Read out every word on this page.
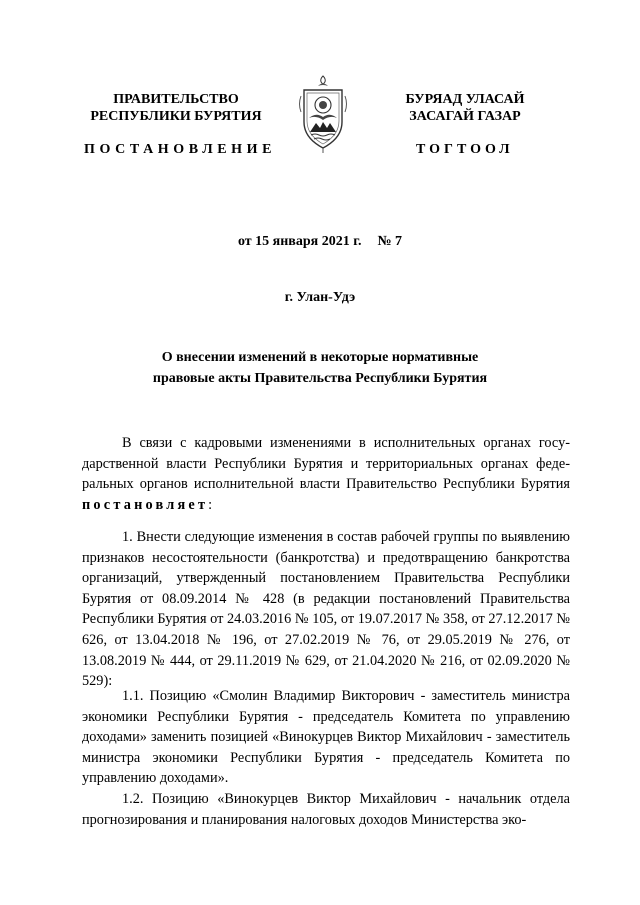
ПРАВИТЕЛЬСТВО
РЕСПУБЛИКИ БУРЯТИЯ
БУРЯАД УЛАСАЙ
ЗАСАГАЙ ГАЗАР
ПОСТАНОВЛЕНИЕ	ТОГТООЛ
от 15 января 2021 г. № 7
г. Улан-Удэ
О внесении изменений в некоторые нормативные
правовые акты Правительства Республики Бурятия
В связи с кадровыми изменениями в исполнительных органах государственной власти Республики Бурятия и территориальных органах федеральных органов исполнительной власти Правительство Республики Бурятия постановляет:
1. Внести следующие изменения в состав рабочей группы по выявлению признаков несостоятельности (банкротства) и предотвращению банкротства организаций, утвержденный постановлением Правительства Республики Бурятия от 08.09.2014 № 428 (в редакции постановлений Правительства Республики Бурятия от 24.03.2016 № 105, от 19.07.2017 № 358, от 27.12.2017 № 626, от 13.04.2018 № 196, от 27.02.2019 № 76, от 29.05.2019 № 276, от 13.08.2019 № 444, от 29.11.2019 № 629, от 21.04.2020 № 216, от 02.09.2020 № 529):
1.1. Позицию «Смолин Владимир Викторович - заместитель министра экономики Республики Бурятия - председатель Комитета по управлению доходами» заменить позицией «Винокурцев Виктор Михайлович - заместитель министра экономики Республики Бурятия - председатель Комитета по управлению доходами».
1.2. Позицию «Винокурцев Виктор Михайлович - начальник отдела прогнозирования и планирования налоговых доходов Министерства эко-
